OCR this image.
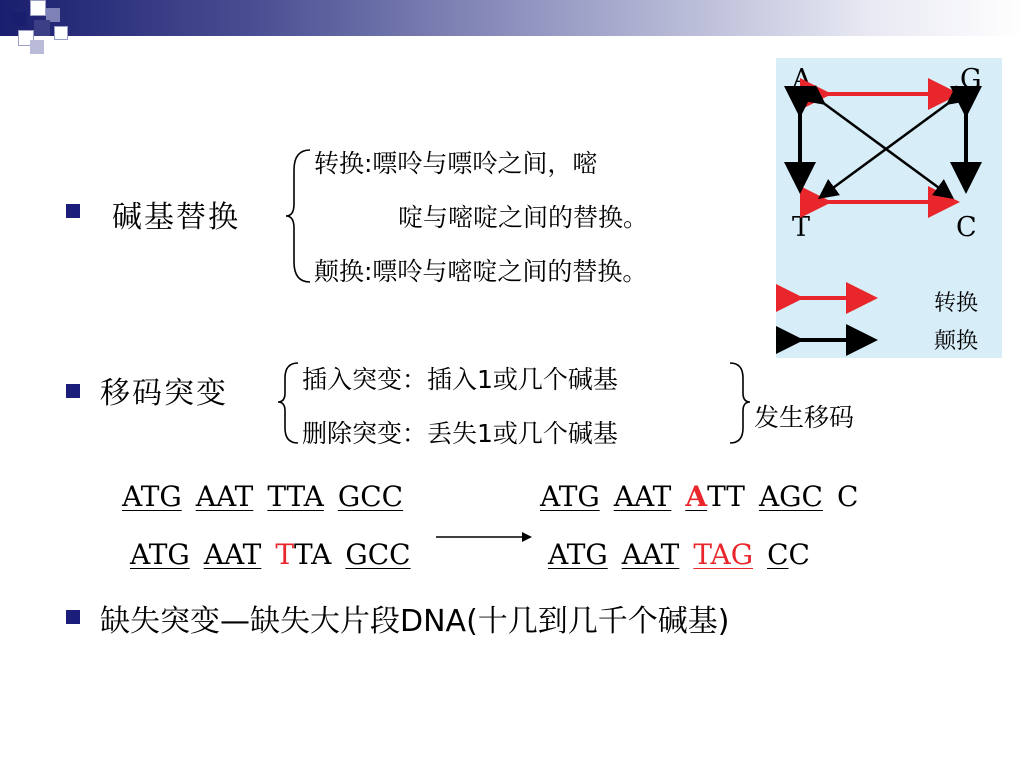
碱基替换
转换:嘌呤与嘌呤之间，嘧
啶与嘧啶之间的替换。
颠换:嘌呤与嘧啶之间的替换。
A	G
T	C
转换
颠换
移码突变	插入突变：插入1或几个碱基
删除突变：丢失1或几个碱基
发生移码
ATG AAT TTA GCC	ATG AAT ATT AGC C
ATG AAT TTA GCC	ATG AAT TAG CC
缺失突变—缺失大片段DNA(十几到几千个碱基)
